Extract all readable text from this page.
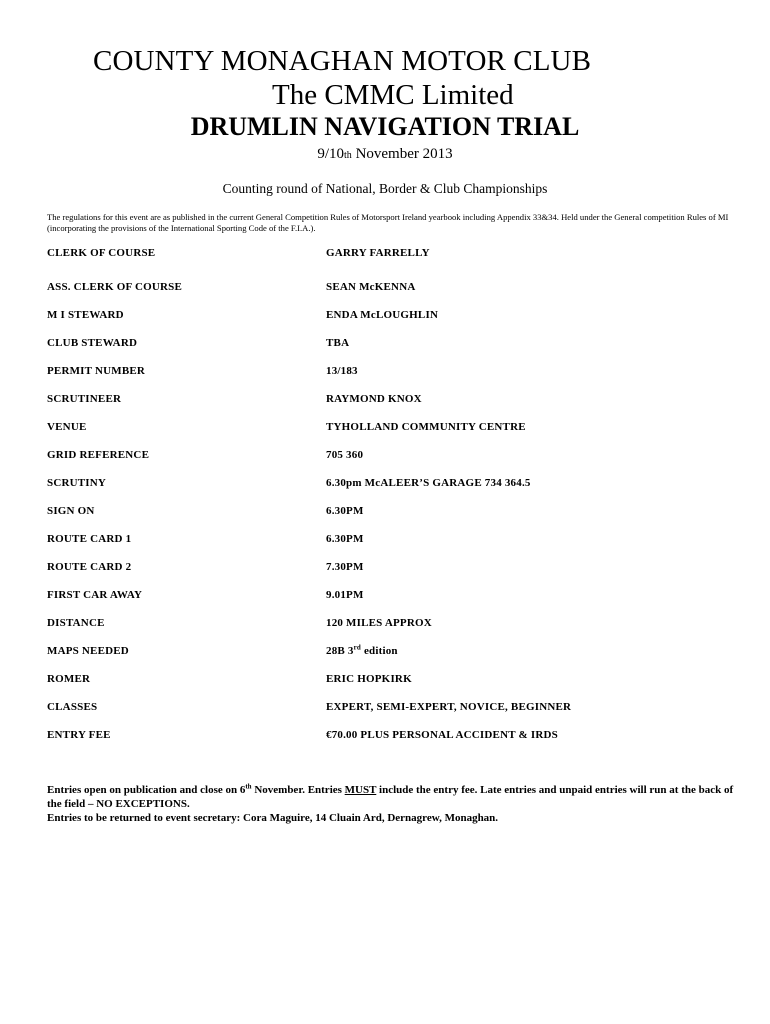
COUNTY MONAGHAN MOTOR CLUB
The CMMC Limited
DRUMLIN NAVIGATION TRIAL
9/10th November 2013
Counting round of National, Border & Club Championships
The regulations for this event are as published in the current General Competition Rules of Motorsport Ireland yearbook including Appendix 33&34. Held under the General competition Rules of MI (incorporating the provisions of the International Sporting Code of the F.I.A.).
CLERK OF COURSE	GARRY FARRELLY
ASS. CLERK OF COURSE	SEAN McKENNA
M I STEWARD	ENDA McLOUGHLIN
CLUB STEWARD	TBA
PERMIT NUMBER	13/183
SCRUTINEER	RAYMOND KNOX
VENUE	TYHOLLAND COMMUNITY CENTRE
GRID REFERENCE	705 360
SCRUTINY	6.30pm McALEER’S GARAGE 734 364.5
SIGN ON	6.30PM
ROUTE CARD 1	6.30PM
ROUTE CARD 2	7.30PM
FIRST CAR AWAY	9.01PM
DISTANCE	120 MILES APPROX
MAPS NEEDED	28B 3rd edition
ROMER	ERIC HOPKIRK
CLASSES	EXPERT, SEMI-EXPERT, NOVICE, BEGINNER
ENTRY FEE	€70.00 PLUS PERSONAL ACCIDENT & IRDS

Entries open on publication and close on 6th November. Entries MUST include the entry fee. Late entries and unpaid entries will run at the back of the field – NO EXCEPTIONS.

Entries to be returned to event secretary: Cora Maguire, 14 Cluain Ard, Dernagrew, Monaghan.
